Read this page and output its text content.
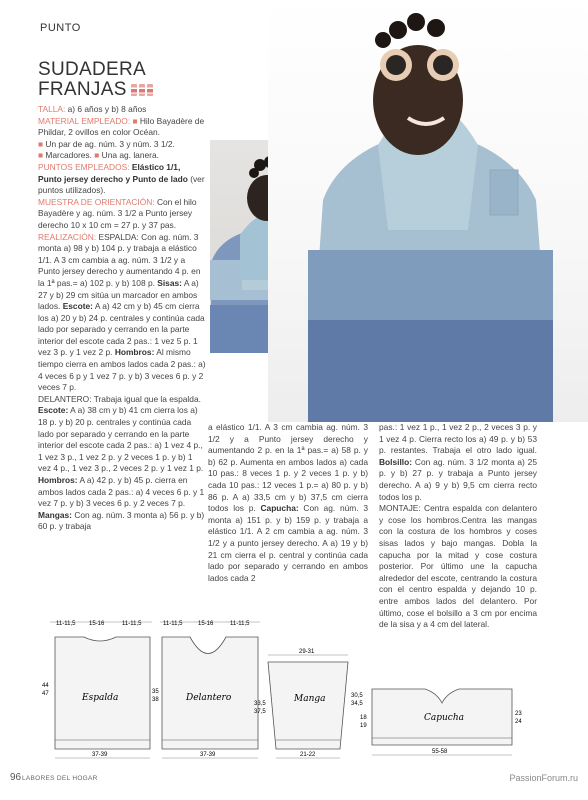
PUNTO
SUDADERA
FRANJAS

TALLA: a) 6 años y b) 8 años

MATERIAL EMPLEADO: ■ Hilo Bayadère de Phildar, 2 ovillos en color Océan.

■ Un par de ag. núm. 3 y núm. 3 1/2.

■ Marcadores. ■ Una ag. lanera.

PUNTOS EMPLEADOS: Elástico 1/1, Punto jersey derecho y Punto de lado (ver puntos utilizados).

MUESTRA DE ORIENTACIÓN: Con el hilo Bayadère y ag. núm. 3 1/2 a Punto jersey derecho 10 x 10 cm = 27 p. y 37 pas.

REALIZACIÓN: ESPALDA: Con ag. núm. 3 monta a) 98 y b) 104 p. y trabaja a elástico 1/1. A 3 cm cambia a ag. núm. 3 1/2 y a Punto jersey derecho y aumentando 4 p. en la 1ª pas.= a) 102 p. y b) 108 p. Sisas: A a) 27 y b) 29 cm sitúa un marcador en ambos lados. Escote: A a) 42 cm y b) 45 cm cierra los a) 20 y b) 24 p. centrales y continúa cada lado por separado y cerrando en la parte interior del escote cada 2 pas.: 1 vez 5 p. 1 vez 3 p. y 1 vez 2 p. Hombros: Al mismo tiempo cierra en ambos lados cada 2 pas.: a) 4 veces 6 p y 1 vez 7 p. y b) 3 veces 6 p. y 2 veces 7 p.

DELANTERO: Trabaja igual que la espalda. Escote: A a) 38 cm y b) 41 cm cierra los a) 18 p. y b) 20 p. centrales y continúa cada lado por separado y cerrando en la parte interior del escote cada 2 pas.: a) 1 vez 4 p., 1 vez 3 p., 1 vez 2 p. y 2 veces 1 p. y b) 1 vez 4 p., 1 vez 3 p., 2 veces 2 p. y 1 vez 1 p. Hombros: A a) 42 p. y b) 45 p. cierra en ambos lados cada 2 pas.: a) 4 veces 6 p. y 1 vez 7 p. y b) 3 veces 6 p. y 2 veces 7 p. Mangas: Con ag. núm. 3 monta a) 56 p. y b) 60 p. y trabaja

a elástico 1/1. A 3 cm cambia ag. núm. 3 1/2 y a Punto jersey derecho y aumentando 2 p. en la 1ª pas.= a) 58 p. y b) 62 p. Aumenta en ambos lados a) cada 10 pas.: 8 veces 1 p. y 2 veces 1 p. y b) cada 10 pas.: 12 veces 1 p.= a) 80 p. y b) 86 p. A a) 33,5 cm y b) 37,5 cm cierra todos los p. Capucha: Con ag. núm. 3 monta a) 151 p. y b) 159 p. y trabaja a elástico 1/1. A 2 cm cambia a ag. núm. 3 1/2 y a punto jersey derecho. A a) 19 y b) 21 cm cierra el p. central y continúa cada lado por separado y cerrando en ambos lados cada 2

pas.: 1 vez 1 p., 1 vez 2 p., 2 veces 3 p. y 1 vez 4 p. Cierra recto los a) 49 p. y b) 53 p. restantes. Trabaja el otro lado igual. Bolsillo: Con ag. núm. 3 1/2 monta a) 25 p. y b) 27 p. y trabaja a Punto jersey derecho. A a) 9 y b) 9,5 cm cierra recto todos los p.

MONTAJE: Centra espalda con delantero y cose los hombros.Centra las mangas con la costura de los hombros y coses sisas lados y bajo mangas. Dobla la capucha por la mitad y cose costura posterior. Por último une la capucha alrededor del escote, centrando la costura con el centro espalda y dejando 10 p. entre ambos lados del delantero. Por último, cose el bolsillo a 3 cm por encima de la sisa y a 4 cm del lateral.

11-11,5 15-16	11-11,5
44
47	35
38
37-39
Espalda
11-11,5	15-16	11-11,5
37-39
Delantero
29-31
33,5
37,5
30,5
34,5
21-22
Manga
18
19
23
24
55-58
Capucha
96 LABORES DEL HOGAR	PassionForum.ru
